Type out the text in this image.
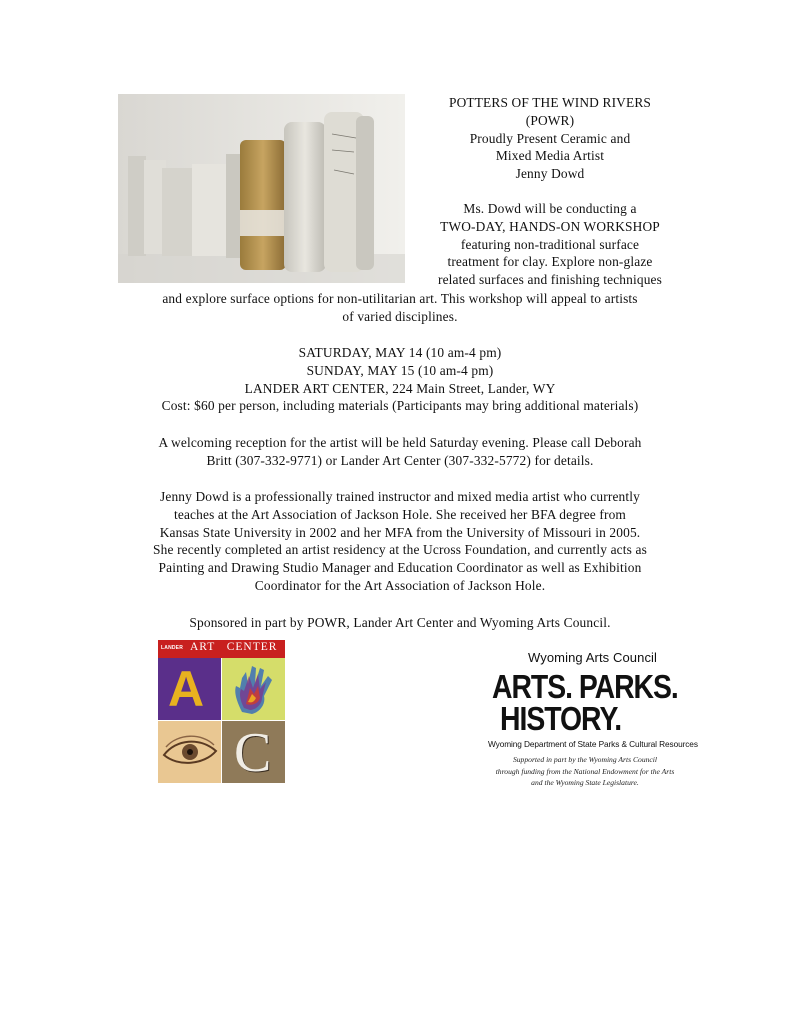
POTTERS OF THE WIND RIVERS
(POWR)
Proudly Present Ceramic and
Mixed Media Artist
Jenny Dowd
Ms. Dowd will be conducting a
TWO-DAY, HANDS-ON WORKSHOP
featuring non-traditional surface
treatment for clay. Explore non-glaze
related surfaces and finishing techniques
and explore surface options for non-utilitarian art. This workshop will appeal to artists
of varied disciplines.
SATURDAY, MAY 14 (10 am-4 pm)
SUNDAY, MAY 15 (10 am-4 pm)
LANDER ART CENTER, 224 Main Street, Lander, WY
Cost: $60 per person, including materials (Participants may bring additional materials)
A welcoming reception for the artist will be held Saturday evening. Please call Deborah
Britt (307-332-9771) or Lander Art Center (307-332-5772) for details.
Jenny Dowd is a professionally trained instructor and mixed media artist who currently
teaches at the Art Association of Jackson Hole. She received her BFA degree from
Kansas State University in 2002 and her MFA from the University of Missouri in 2005.
She recently completed an artist residency at the Ucross Foundation, and currently acts as
Painting and Drawing Studio Manager and Education Coordinator as well as Exhibition
Coordinator for the Art Association of Jackson Hole.
Sponsored in part by POWR, Lander Art Center and Wyoming Arts Council.
LANDER ART   CENTER
A
C
Wyoming Arts Council
ARTS. PARKS.
HISTORY.
Wyoming Department of State Parks & Cultural Resources
Supported in part by the Wyoming Arts Council
through funding from the National Endowment for the Arts
and the Wyoming State Legislature.
